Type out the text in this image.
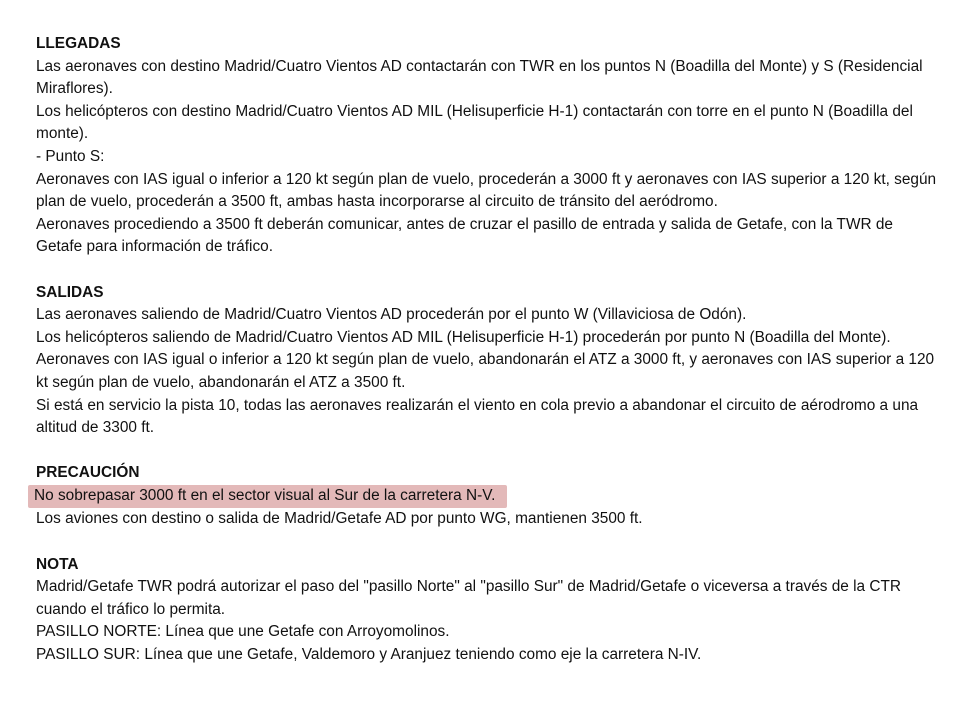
LLEGADAS

Las aeronaves con destino Madrid/Cuatro Vientos AD contactarán con TWR en los puntos N (Boadilla del Monte) y S (Residencial Miraflores).

Los helicópteros con destino Madrid/Cuatro Vientos AD MIL (Helisuperficie H-1) contactarán con torre en el punto N (Boadilla del monte).

- Punto S:

Aeronaves con IAS igual o inferior a 120 kt según plan de vuelo, procederán a 3000 ft y aeronaves con IAS superior a 120 kt, según plan de vuelo, procederán a 3500 ft, ambas hasta incorporarse al circuito de tránsito del aeródromo.

Aeronaves procediendo a 3500 ft deberán comunicar, antes de cruzar el pasillo de entrada y salida de Getafe, con la TWR de Getafe para información de tráfico.

SALIDAS

Las aeronaves saliendo de Madrid/Cuatro Vientos AD procederán por el punto W (Villaviciosa de Odón).

Los helicópteros saliendo de Madrid/Cuatro Vientos AD MIL (Helisuperficie H-1) procederán por punto N (Boadilla del Monte).

Aeronaves con IAS igual o inferior a 120 kt según plan de vuelo, abandonarán el ATZ a 3000 ft, y aeronaves con IAS superior a 120 kt según plan de vuelo, abandonarán el ATZ a 3500 ft.

Si está en servicio la pista 10, todas las aeronaves realizarán el viento en cola previo a abandonar el circuito de aérodromo a una altitud de 3300 ft.

PRECAUCIÓN

No sobrepasar 3000 ft en el sector visual al Sur de la carretera N-V.

Los aviones con destino o salida de Madrid/Getafe AD por punto WG, mantienen 3500 ft.

NOTA

Madrid/Getafe TWR podrá autorizar el paso del "pasillo Norte" al "pasillo Sur" de Madrid/Getafe o viceversa a través de la CTR cuando el tráfico lo permita.

PASILLO NORTE: Línea que une Getafe con Arroyomolinos.

PASILLO SUR: Línea que une Getafe, Valdemoro y Aranjuez teniendo como eje la carretera N-IV.
